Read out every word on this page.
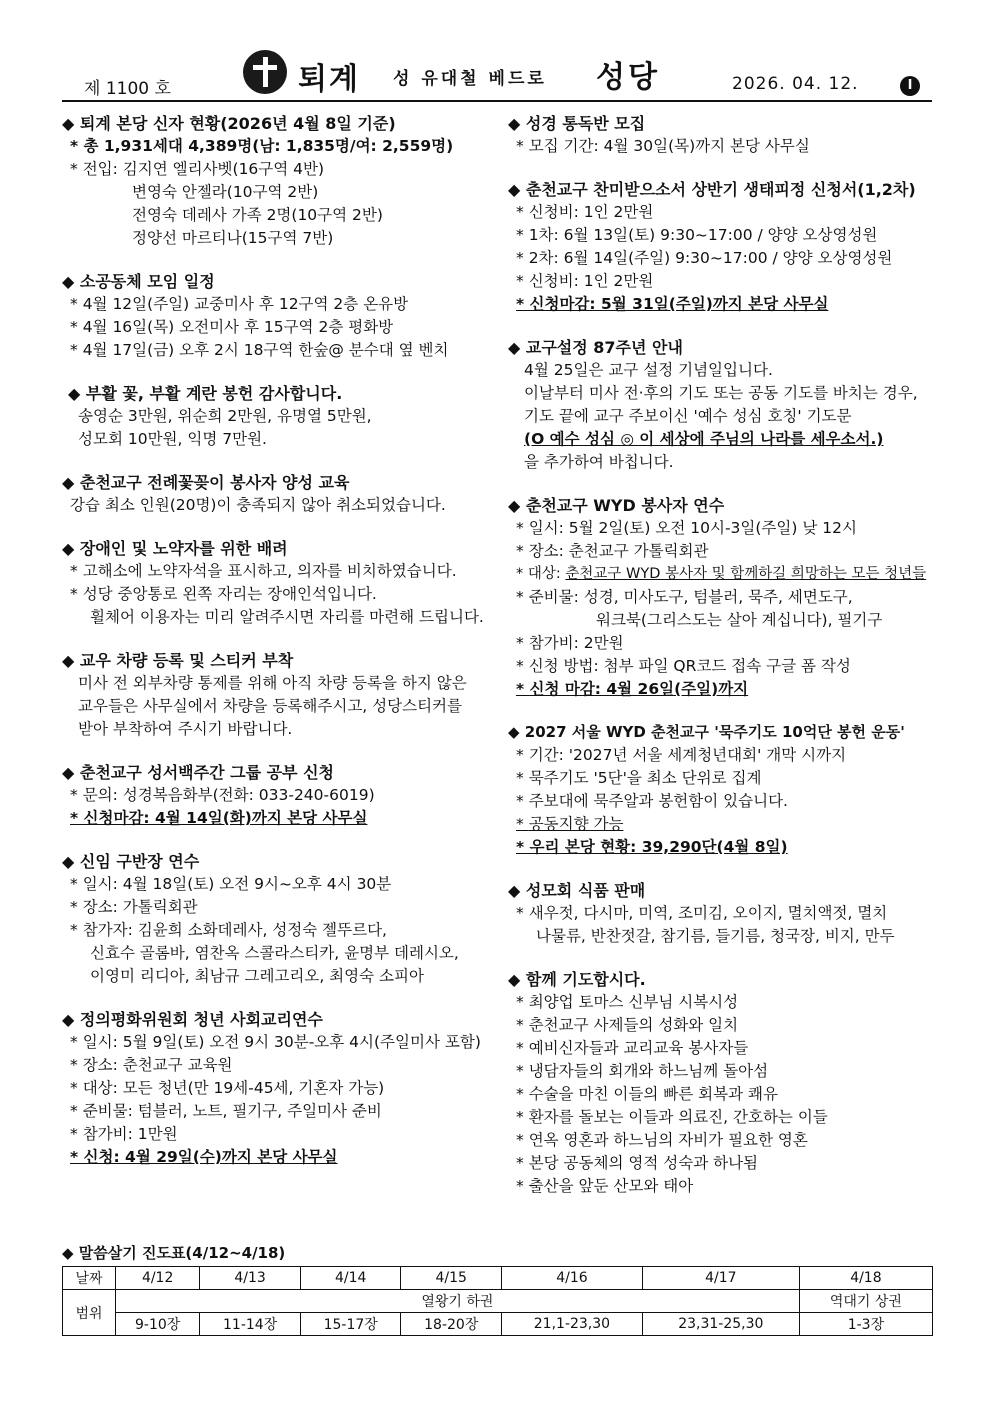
제 1100 호	퇴계 성 유대철 베드로 성당	2026. 04. 12.	I
◆ 퇴계 본당 신자 현황(2026년 4월 8일 기준)
* 총 1,931세대 4,389명(남: 1,835명/여: 2,559명)
* 전입: 김지연 엘리사벳(16구역 4반)
변영숙 안젤라(10구역 2반)
전영숙 데레사 가족 2명(10구역 2반)
정양선 마르티나(15구역 7반)
◆ 소공동체 모임 일정
* 4월 12일(주일) 교중미사 후 12구역 2층 온유방
* 4월 16일(목) 오전미사 후 15구역 2층 평화방
* 4월 17일(금) 오후 2시 18구역 한숲@ 분수대 옆 벤치
◆ 부활 꽃, 부활 계란 봉헌 감사합니다.
송영순 3만원, 위순희 2만원, 유명열 5만원,
성모회 10만원, 익명 7만원.
◆ 춘천교구 전례꽃꽂이 봉사자 양성 교육
강습 최소 인원(20명)이 충족되지 않아 취소되었습니다.
◆ 장애인 및 노약자를 위한 배려
* 고해소에 노약자석을 표시하고, 의자를 비치하였습니다.
* 성당 중앙통로 왼쪽 자리는 장애인석입니다.
휠체어 이용자는 미리 알려주시면 자리를 마련해 드립니다.
◆ 교우 차량 등록 및 스티커 부착
미사 전 외부차량 통제를 위해 아직 차량 등록을 하지 않은
교우들은 사무실에서 차량을 등록해주시고, 성당스티커를
받아 부착하여 주시기 바랍니다.
◆ 춘천교구 성서백주간 그룹 공부 신청
* 문의: 성경복음화부(전화: 033-240-6019)
* 신청마감: 4월 14일(화)까지 본당 사무실
◆ 신임 구반장 연수
* 일시: 4월 18일(토) 오전 9시~오후 4시 30분
* 장소: 가톨릭회관
* 참가자: 김윤희 소화데레사, 성정숙 젤뚜르다,
신효수 골롬바, 염찬옥 스콜라스티카, 윤명부 데레시오,
이영미 리디아, 최남규 그레고리오, 최영숙 소피아
◆ 정의평화위원회 청년 사회교리연수
* 일시: 5월 9일(토) 오전 9시 30분-오후 4시(주일미사 포함)
* 장소: 춘천교구 교육원
* 대상: 모든 청년(만 19세-45세, 기혼자 가능)
* 준비물: 텀블러, 노트, 필기구, 주일미사 준비
* 참가비: 1만원
* 신청: 4월 29일(수)까지 본당 사무실
◆ 성경 통독반 모집
* 모집 기간: 4월 30일(목)까지 본당 사무실
◆ 춘천교구 찬미받으소서 상반기 생태피정 신청서(1,2차)
* 신청비: 1인 2만원
* 1차: 6월 13일(토) 9:30~17:00 / 양양 오상영성원
* 2차: 6월 14일(주일) 9:30~17:00 / 양양 오상영성원
* 신청비: 1인 2만원
* 신청마감: 5월 31일(주일)까지 본당 사무실
◆ 교구설정 87주년 안내
4월 25일은 교구 설정 기념일입니다.
이날부터 미사 전·후의 기도 또는 공동 기도를 바치는 경우,
기도 끝에 교구 주보이신 '예수 성심 호칭' 기도문
(O 예수 성심 ◎ 이 세상에 주님의 나라를 세우소서.)
을 추가하여 바칩니다.
◆ 춘천교구 WYD 봉사자 연수
* 일시: 5월 2일(토) 오전 10시-3일(주일) 낮 12시
* 장소: 춘천교구 가톨릭회관
* 대상: 춘천교구 WYD 봉사자 및 함께하길 희망하는 모든 청년들
* 준비물: 성경, 미사도구, 텀블러, 묵주, 세면도구,
워크북(그리스도는 살아 계십니다), 필기구
* 참가비: 2만원
* 신청 방법: 첨부 파일 QR코드 접속 구글 폼 작성
* 신청 마감: 4월 26일(주일)까지
◆ 2027 서울 WYD 춘천교구 '묵주기도 10억단 봉헌 운동'
* 기간: '2027년 서울 세계청년대회' 개막 시까지
* 묵주기도 '5단'을 최소 단위로 집계
* 주보대에 묵주알과 봉헌함이 있습니다.
* 공동지향 가능
* 우리 본당 현황: 39,290단(4월 8일)
◆ 성모회 식품 판매
* 새우젓, 다시마, 미역, 조미김, 오이지, 멸치액젓, 멸치
나물류, 반찬젓갈, 참기름, 들기름, 청국장, 비지, 만두
◆ 함께 기도합시다.
* 최양업 토마스 신부님 시복시성
* 춘천교구 사제들의 성화와 일치
* 예비신자들과 교리교육 봉사자들
* 냉담자들의 회개와 하느님께 돌아섬
* 수술을 마친 이들의 빠른 회복과 쾌유
* 환자를 돌보는 이들과 의료진, 간호하는 이들
* 연옥 영혼과 하느님의 자비가 필요한 영혼
* 본당 공동체의 영적 성숙과 하나됨
* 출산을 앞둔 산모와 태아
◆ 말씀살기 진도표(4/12~4/18)
날짜	4/12	4/13	4/14	4/15	4/16	4/17	4/18
범위	열왕기 하권						역대기 상권
	9-10장	11-14장	15-17장	18-20장	21,1-23,30	23,31-25,30	1-3장
